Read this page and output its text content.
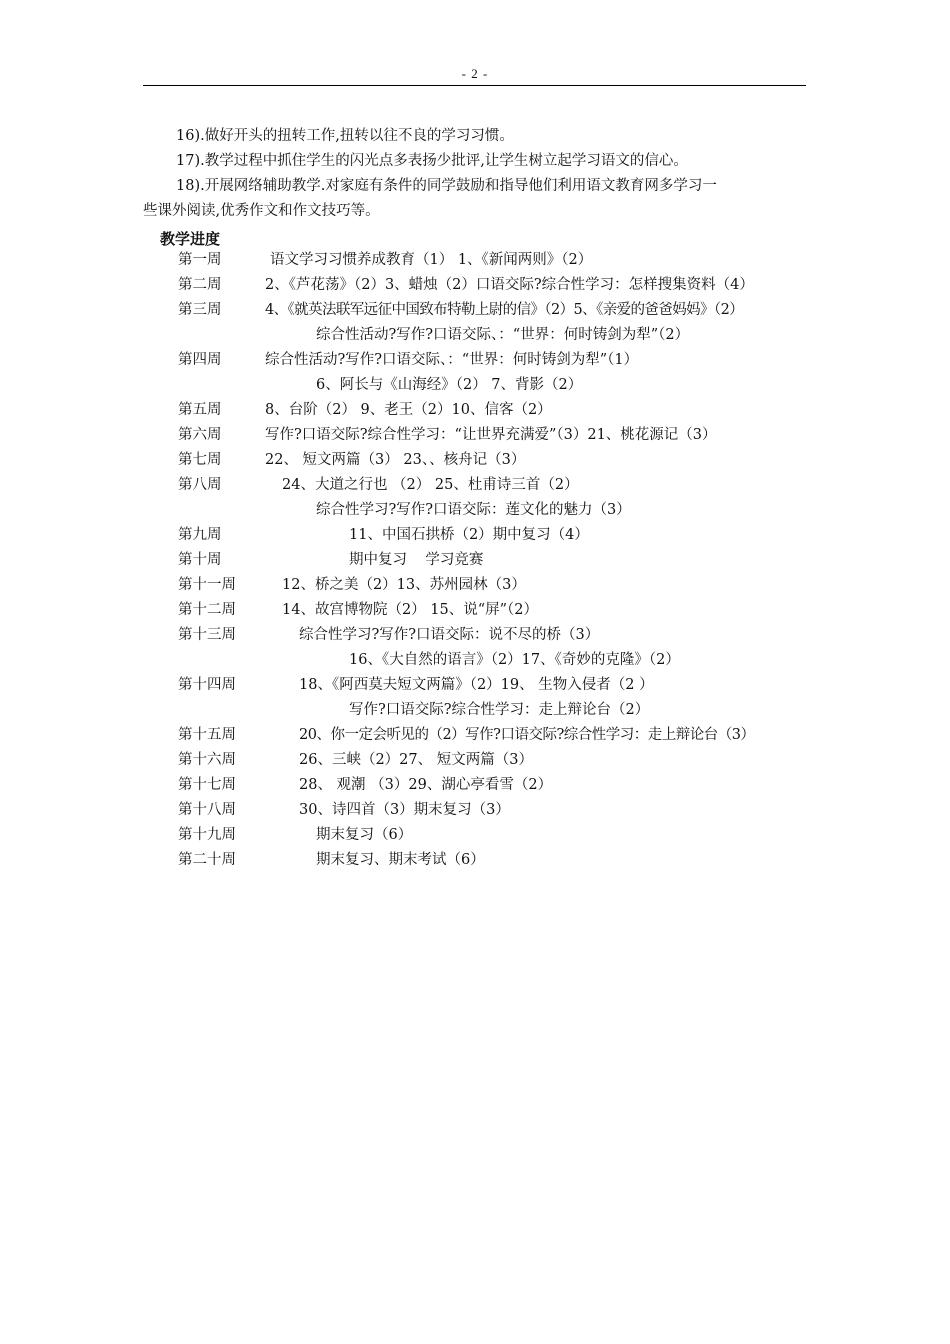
- 2 -
16).做好开头的扭转工作,扭转以往不良的学习习惯。
17).教学过程中抓住学生的闪光点多表扬少批评,让学生树立起学习语文的信心。
18).开展网络辅助教学.对家庭有条件的同学鼓励和指导他们利用语文教育网多学习一
些课外阅读,优秀作文和作文技巧等。
教学进度
第一周	语文学习习惯养成教育（1） 1、《新闻两则》（2）
第二周	2、《芦花荡》（2）3、蜡烛（2）口语交际?综合性学习：怎样搜集资料（4）
第三周	4、《就英法联军远征中国致布特勒上尉的信》（2）5、《亲爱的爸爸妈妈》（2）
综合性活动?写作?口语交际、：“世界：何时铸剑为犁”（2）
第四周	综合性活动?写作?口语交际、：“世界：何时铸剑为犁”（1）
6、阿长与《山海经》（2） 7、背影（2）
第五周	8、台阶（2） 9、老王（2）10、信客（2）
第六周	写作?口语交际?综合性学习：“让世界充满爱”（3）21、桃花源记（3）
第七周	22、 短文两篇（3） 23、、核舟记（3）
第八周	24、大道之行也 （2） 25、杜甫诗三首（2）
综合性学习?写作?口语交际：莲文化的魅力（3）
第九周	11、中国石拱桥（2）期中复习（4）
第十周	期中复习    学习竞赛
第十一周	12、桥之美（2）13、苏州园林（3）
第十二周	14、故宫博物院（2） 15、说“屏”（2）
第十三周	综合性学习?写作?口语交际：说不尽的桥（3）
16、《大自然的语言》（2）17、《奇妙的克隆》（2）
第十四周	18、《阿西莫夫短文两篇》（2）19、 生物入侵者（2 ）
写作?口语交际?综合性学习：走上辩论台（2）
第十五周	20、你一定会听见的（2）写作?口语交际?综合性学习：走上辩论台（3）
第十六周	26、三峡（2）27、 短文两篇（3）
第十七周	28、 观潮 （3）29、湖心亭看雪（2）
第十八周	30、诗四首（3）期末复习（3）
第十九周	期末复习（6）
第二十周	期末复习、期末考试（6）
